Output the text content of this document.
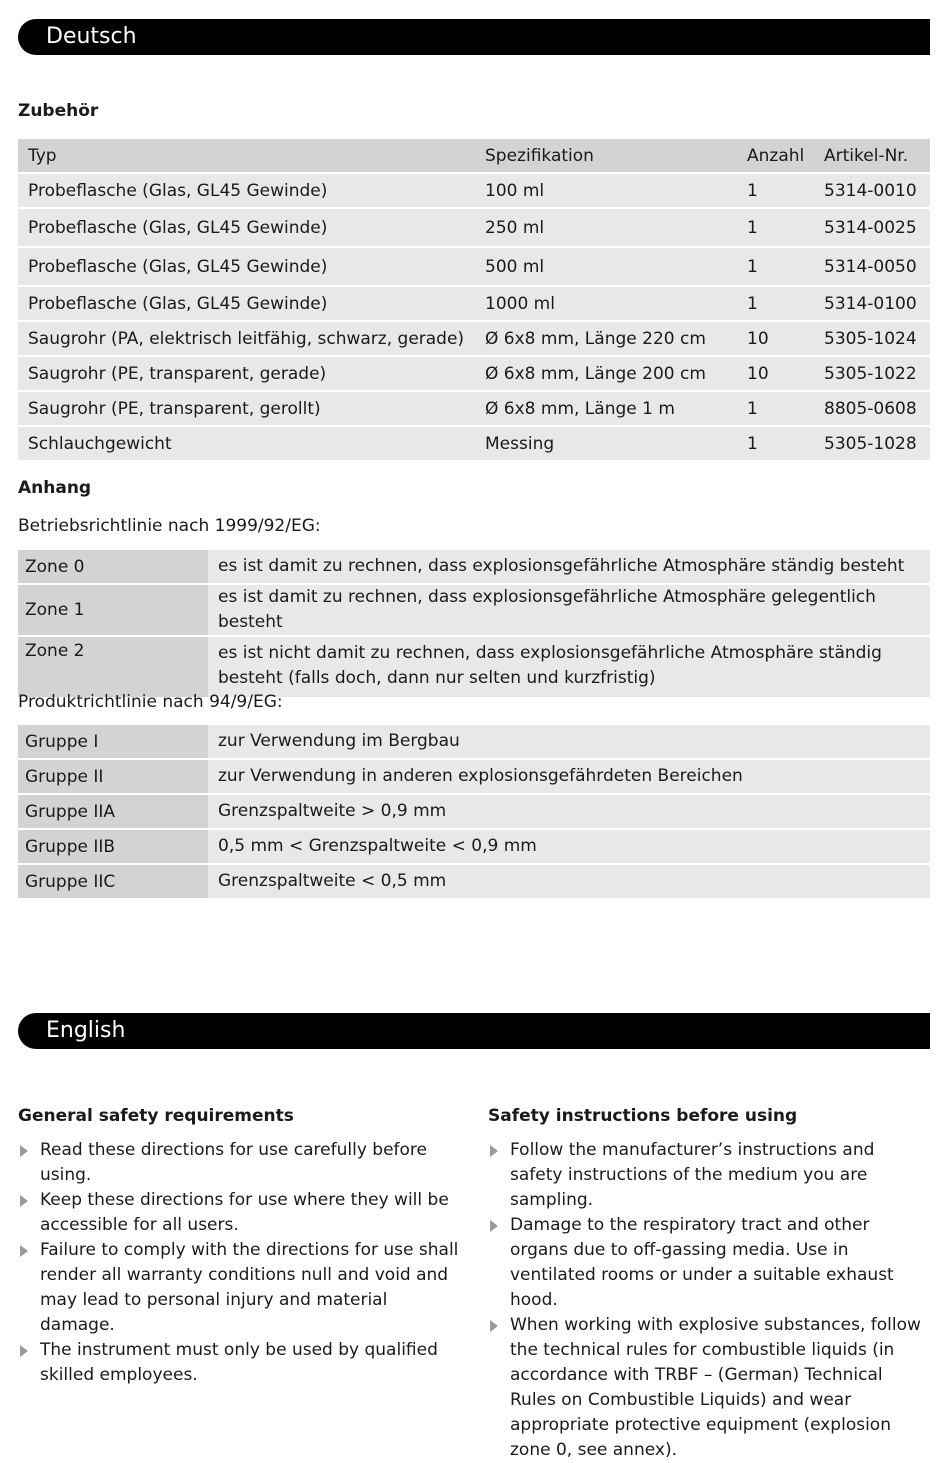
Deutsch
Zubehör
Typ	Spezifikation	Anzahl	Artikel-Nr.
Probeflasche (Glas, GL45 Gewinde)	100 ml	1	5314-0010
Probeflasche (Glas, GL45 Gewinde)	250 ml	1	5314-0025
Probeflasche (Glas, GL45 Gewinde)	500 ml	1	5314-0050
Probeflasche (Glas, GL45 Gewinde)	1000 ml	1	5314-0100
Saugrohr (PA, elektrisch leitfähig, schwarz, gerade)	Ø 6x8 mm, Länge 220 cm	10	5305-1024
Saugrohr (PE, transparent, gerade)	Ø 6x8 mm, Länge 200 cm	10	5305-1022
Saugrohr (PE, transparent, gerollt)	Ø 6x8 mm, Länge 1 m	1	8805-0608
Schlauchgewicht	Messing	1	5305-1028
Anhang
Betriebsrichtlinie nach 1999/92/EG:
Zone 0	es ist damit zu rechnen, dass explosionsgefährliche Atmosphäre ständig besteht
Zone 1	es ist damit zu rechnen, dass explosionsgefährliche Atmosphäre gelegentlich besteht
Zone 2	es ist nicht damit zu rechnen, dass explosionsgefährliche Atmosphäre ständig besteht (falls doch, dann nur selten und kurzfristig)
Produktrichtlinie nach 94/9/EG:
Gruppe I	zur Verwendung im Bergbau
Gruppe II	zur Verwendung in anderen explosionsgefährdeten Bereichen
Gruppe IIA	Grenzspaltweite > 0,9 mm
Gruppe IIB	0,5 mm < Grenzspaltweite < 0,9 mm
Gruppe IIC	Grenzspaltweite < 0,5 mm
English
General safety requirements
Read these directions for use carefully before using.
Keep these directions for use where they will be accessible for all users.
Failure to comply with the directions for use shall render all warranty conditions null and void and may lead to personal injury and material damage.
The instrument must only be used by qualified skilled employees.
Safety instructions before using
Follow the manufacturer’s instructions and safety instructions of the medium you are sampling.
Damage to the respiratory tract and other organs due to off-gassing media. Use in ventilated rooms or under a suitable exhaust hood.
When working with explosive substances, follow the technical rules for combustible liquids (in accordance with TRBF – (German) Technical Rules on Combustible Liquids) and wear appropriate protective equipment (explosion zone 0, see annex).
